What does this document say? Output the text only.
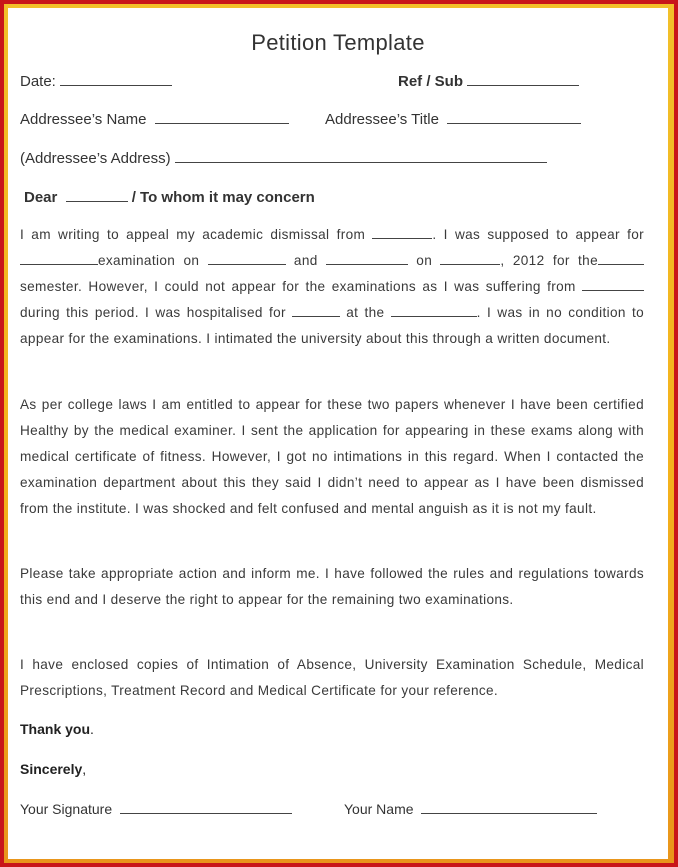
Petition Template
Date:	Ref / Sub
Addressee’s Name	Addressee’s Title
(Addressee’s Address)
Dear	/ To whom it may concern
I am writing to appeal my academic dismissal from	. I was supposed to appear for examination on	and	on	, 2012 for the semester. However, I could not appear for the examinations as I was suffering from  during this period. I was hospitalised for	at the	. I was in no condition to appear for the examinations. I intimated the university about this through a written document.
As per college laws I am entitled to appear for these two papers whenever I have been certified Healthy by the medical examiner. I sent the application for appearing in these exams along with medical certificate of fitness. However, I got no intimations in this regard. When I contacted the examination department about this they said I didn’t need to appear as I have been dismissed from the institute. I was shocked and felt confused and mental anguish as it is not my fault.
Please take appropriate action and inform me. I have followed the rules and regulations towards this end and I deserve the right to appear for the remaining two examinations.
I have enclosed copies of Intimation of Absence, University Examination Schedule, Medical Prescriptions, Treatment Record and Medical Certificate for your reference.
Thank you.
Sincerely,
Your Signature	Your Name
